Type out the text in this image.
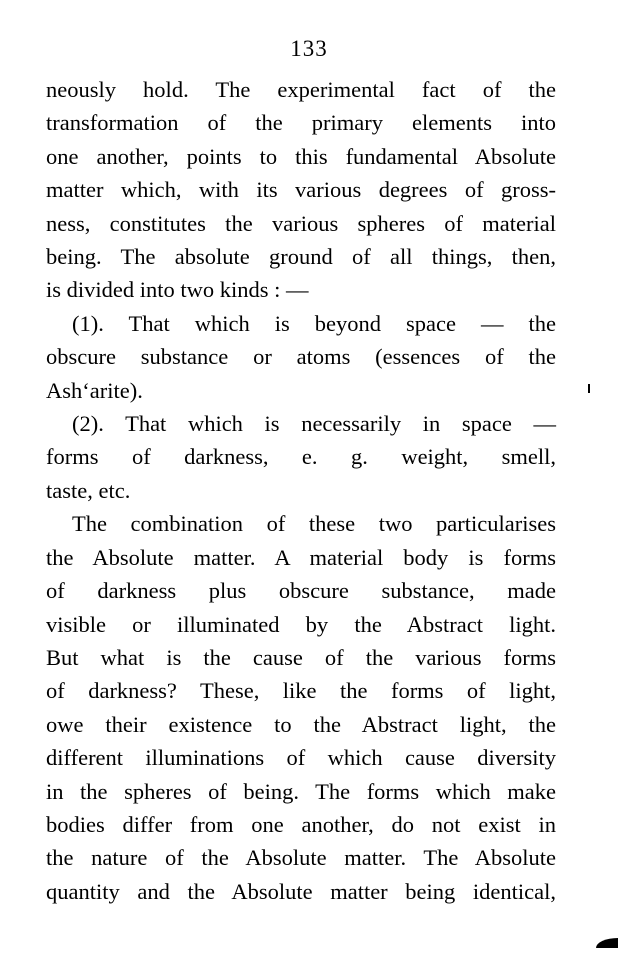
133
neously hold. The experimental fact of the
transformation of the primary elements into
one another, points to this fundamental Absolute
matter which, with its various degrees of gross-
ness, constitutes the various spheres of material
being. The absolute ground of all things, then,
is divided into two kinds : —
(1). That which is beyond space — the
obscure substance or atoms (essences of the
Ash‘arite).
(2). That which is necessarily in space —
forms of darkness, e. g. weight, smell,
taste, etc.
The combination of these two particularises
the Absolute matter. A material body is forms
of darkness plus obscure substance, made
visible or illuminated by the Abstract light.
But what is the cause of the various forms
of darkness? These, like the forms of light,
owe their existence to the Abstract light, the
different illuminations of which cause diversity
in the spheres of being. The forms which make
bodies differ from one another, do not exist in
the nature of the Absolute matter. The Absolute
quantity and the Absolute matter being identical,
